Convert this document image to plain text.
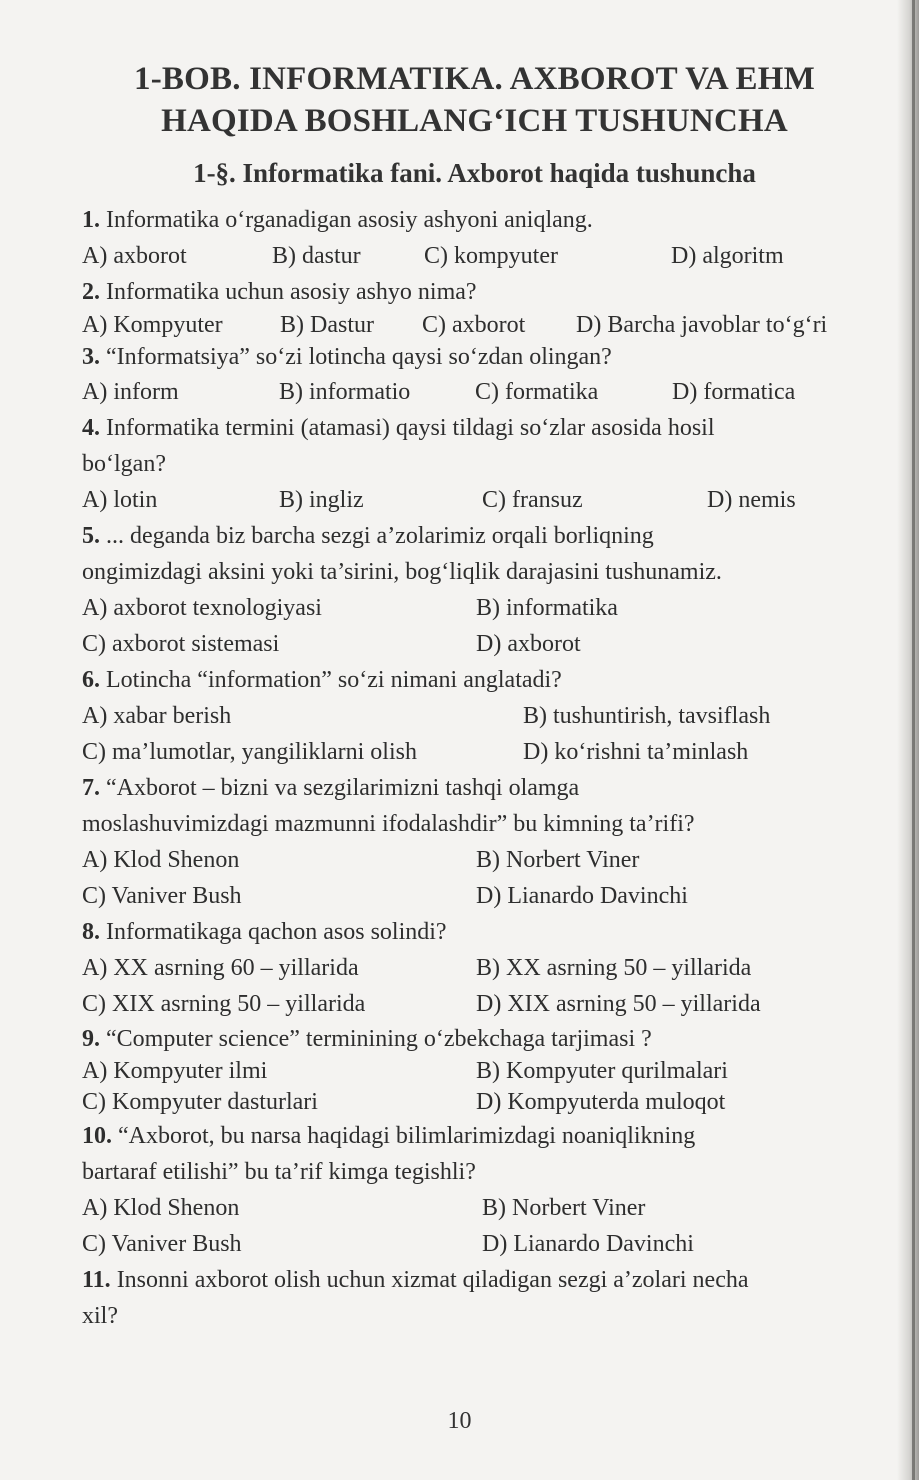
1-BOB. INFORMATIKA. AXBOROT VA EHM
HAQIDA BOSHLANG‘ICH TUSHUNCHA
1-§. Informatika fani. Axborot haqida tushuncha

1. Informatika o‘rganadigan asosiy ashyoni aniqlang.

A) axborot	B) dastur	C) kompyuter	D) algoritm

2. Informatika uchun asosiy ashyo nima?

A) Kompyuter	B) Dastur	C) axborot	D) Barcha javoblar to‘g‘ri

3. “Informatsiya” so‘zi lotincha qaysi so‘zdan olingan?

A) inform	B) informatio	C) formatika	D) formatica

4. Informatika termini (atamasi) qaysi tildagi so‘zlar asosida hosil
bo‘lgan?

A) lotin	B) ingliz	C) fransuz	D) nemis

5. ... deganda biz barcha sezgi a’zolarimiz orqali borliqning
ongimizdagi aksini yoki ta’sirini, bog‘liqlik darajasini tushunamiz.

A) axborot texnologiyasi	B) informatika
C) axborot sistemasi	D) axborot

6. Lotincha “information” so‘zi nimani anglatadi?

A) xabar berish	B) tushuntirish, tavsiflash
C) ma’lumotlar, yangiliklarni olish	D) ko‘rishni ta’minlash

7. “Axborot – bizni va sezgilarimizni tashqi olamga
moslashuvimizdagi mazmunni ifodalashdir” bu kimning ta’rifi?

A) Klod Shenon	B) Norbert Viner
C) Vaniver Bush	D) Lianardo Davinchi

8. Informatikaga qachon asos solindi?

A) XX asrning 60 – yillarida	B) XX asrning 50 – yillarida
C) XIX asrning 50 – yillarida	D) XIX asrning 50 – yillarida

9. “Computer science” terminining o‘zbekchaga tarjimasi ?

A) Kompyuter ilmi	B) Kompyuter qurilmalari
C) Kompyuter dasturlari	D) Kompyuterda muloqot

10. “Axborot, bu narsa haqidagi bilimlarimizdagi noaniqlikning
bartaraf etilishi” bu ta’rif kimga tegishli?

A) Klod Shenon	B) Norbert Viner
C) Vaniver Bush	D) Lianardo Davinchi

11. Insonni axborot olish uchun xizmat qiladigan sezgi a’zolari necha
xil?

10
